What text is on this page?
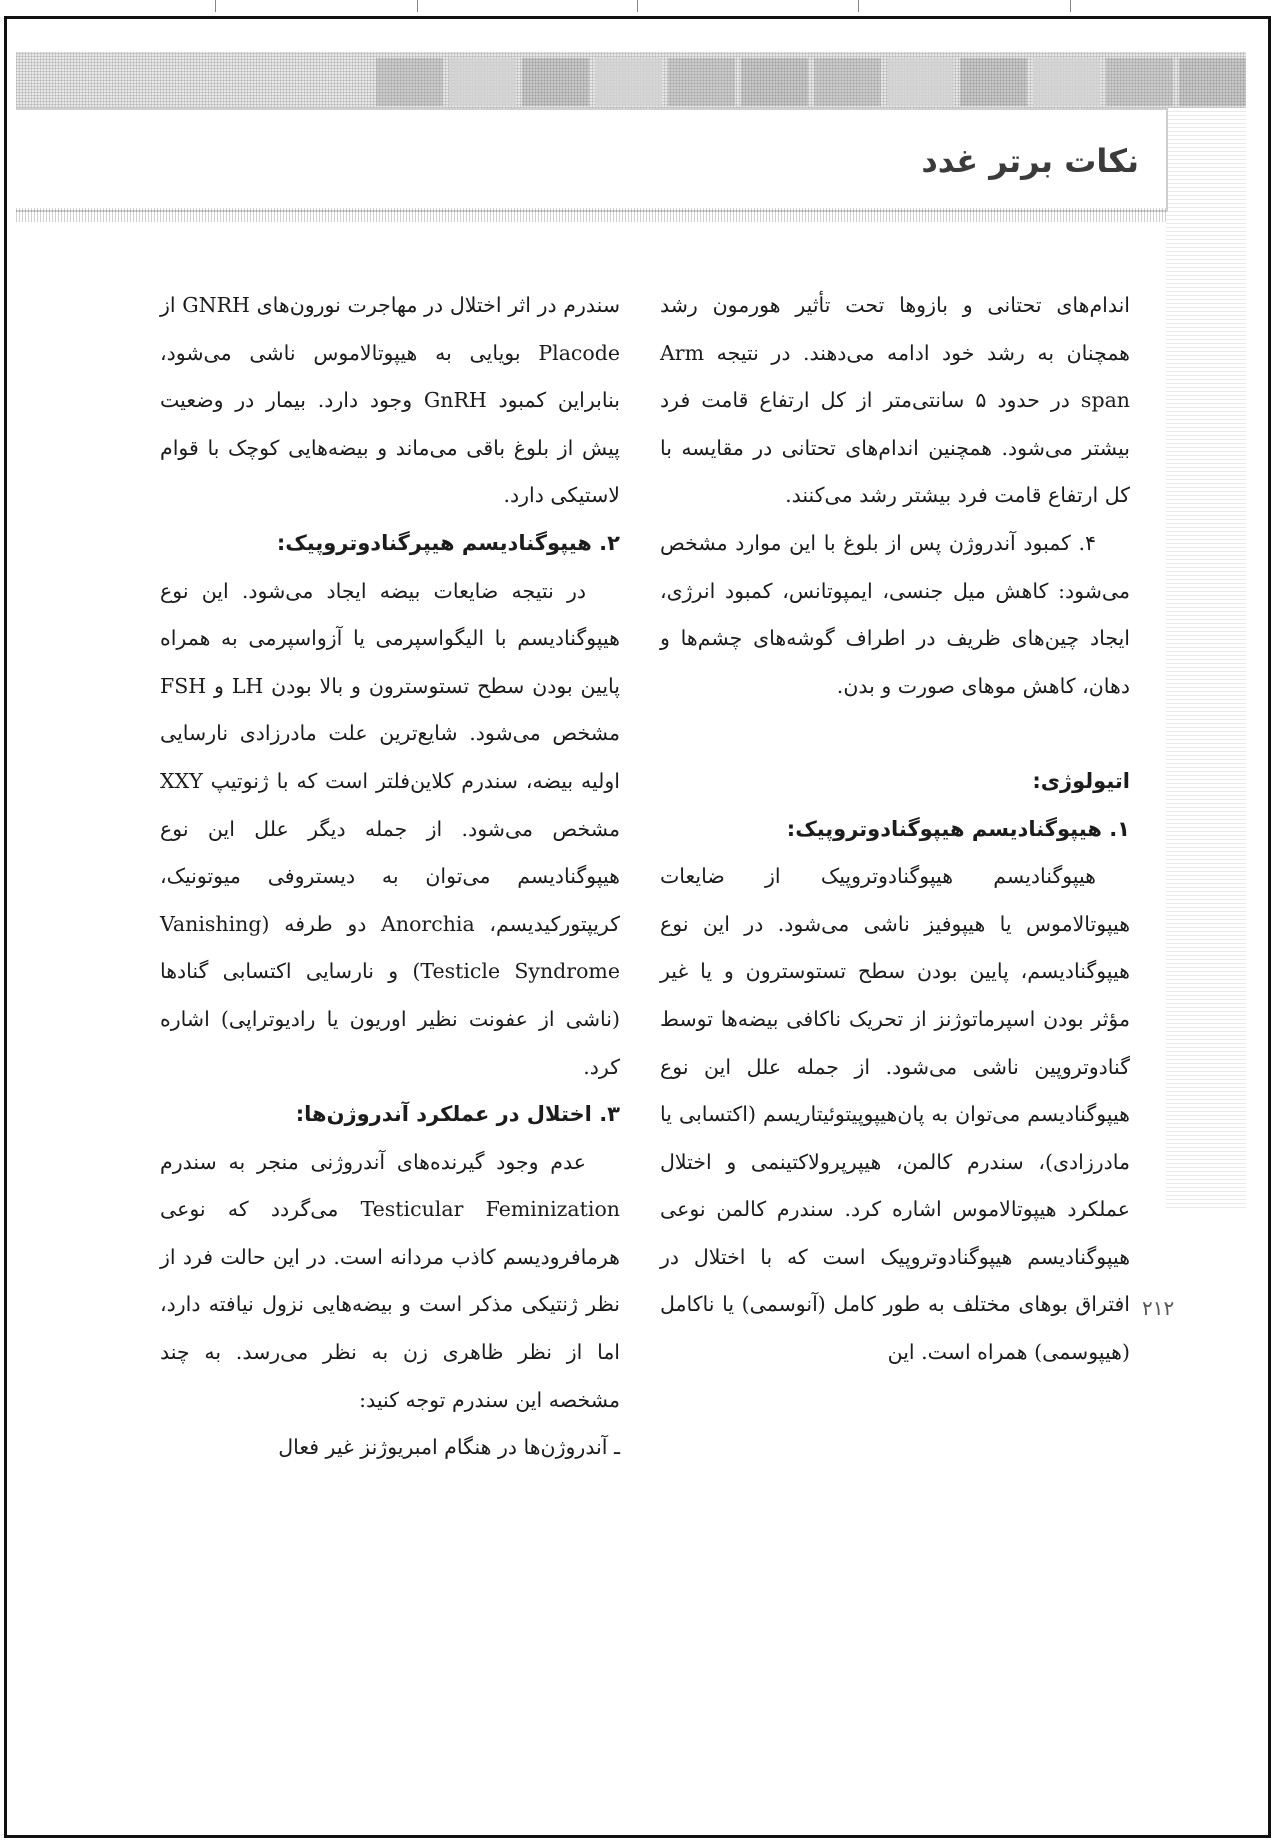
نکات برتر غدد

اندام‌های تحتانی و بازوها تحت تأثیر هورمون رشد همچنان به رشد خود ادامه می‌دهند. در نتیجه Arm span در حدود ۵ سانتی‌متر از کل ارتفاع قامت فرد بیشتر می‌شود. همچنین اندام‌های تحتانی در مقایسه با کل ارتفاع قامت فرد بیشتر رشد می‌کنند.

۴. کمبود آندروژن پس از بلوغ با این موارد مشخص می‌شود: کاهش میل جنسی، ایمپوتانس، کمبود انرژی، ایجاد چین‌های ظریف در اطراف گوشه‌های چشم‌ها و دهان، کاهش موهای صورت و بدن.

اتیولوژی:
۱. هیپوگنادیسم هیپوگنادوتروپیک:

هیپوگنادیسم هیپوگنادوتروپیک از ضایعات هیپوتالاموس یا هیپوفیز ناشی می‌شود. در این نوع هیپوگنادیسم، پایین بودن سطح تستوسترون و یا غیر مؤثر بودن اسپرماتوژنز از تحریک ناکافی بیضه‌ها توسط گنادوتروپین ناشی می‌شود. از جمله علل این نوع هیپوگنادیسم می‌توان به پان‌هیپوپیتوئیتاریسم (اکتسابی یا مادرزادی)، سندرم کالمن، هیپرپرولاکتینمی و اختلال عملکرد هیپوتالاموس اشاره کرد. سندرم کالمن نوعی هیپوگنادیسم هیپوگنادوتروپیک است که با اختلال در افتراق بوهای مختلف به طور کامل (آنوسمی) یا ناکامل (هیپوسمی) همراه است. این

سندرم در اثر اختلال در مهاجرت نورون‌های GNRH از Placode بویایی به هیپوتالاموس ناشی می‌شود، بنابراین کمبود GnRH وجود دارد. بیمار در وضعیت پیش از بلوغ باقی می‌ماند و بیضه‌هایی کوچک با قوام لاستیکی دارد.

۲. هیپوگنادیسم هیپرگنادوتروپیک:

در نتیجه ضایعات بیضه ایجاد می‌شود. این نوع هیپوگنادیسم با الیگواسپرمی یا آزواسپرمی به همراه پایین بودن سطح تستوسترون و بالا بودن LH و FSH مشخص می‌شود. شایع‌ترین علت مادرزادی نارسایی اولیه بیضه، سندرم کلاین‌فلتر است که با ژنوتیپ XXY مشخص می‌شود. از جمله دیگر علل این نوع هیپوگنادیسم می‌توان به دیستروفی میوتونیک، کریپتورکیدیسم، Anorchia دو طرفه (Vanishing Testicle Syndrome) و نارسایی اکتسابی گنادها (ناشی از عفونت نظیر اوریون یا رادیوتراپی) اشاره کرد.

۳. اختلال در عملکرد آندروژن‌ها:

عدم وجود گیرنده‌های آندروژنی منجر به سندرم Testicular Feminization می‌گردد که نوعی هرمافرودیسم کاذب مردانه است. در این حالت فرد از نظر ژنتیکی مذکر است و بیضه‌هایی نزول نیافته دارد، اما از نظر ظاهری زن به نظر می‌رسد. به چند مشخصه این سندرم توجه کنید:

ـ آندروژن‌ها در هنگام امبریوژنز غیر فعال

۲۱۲
